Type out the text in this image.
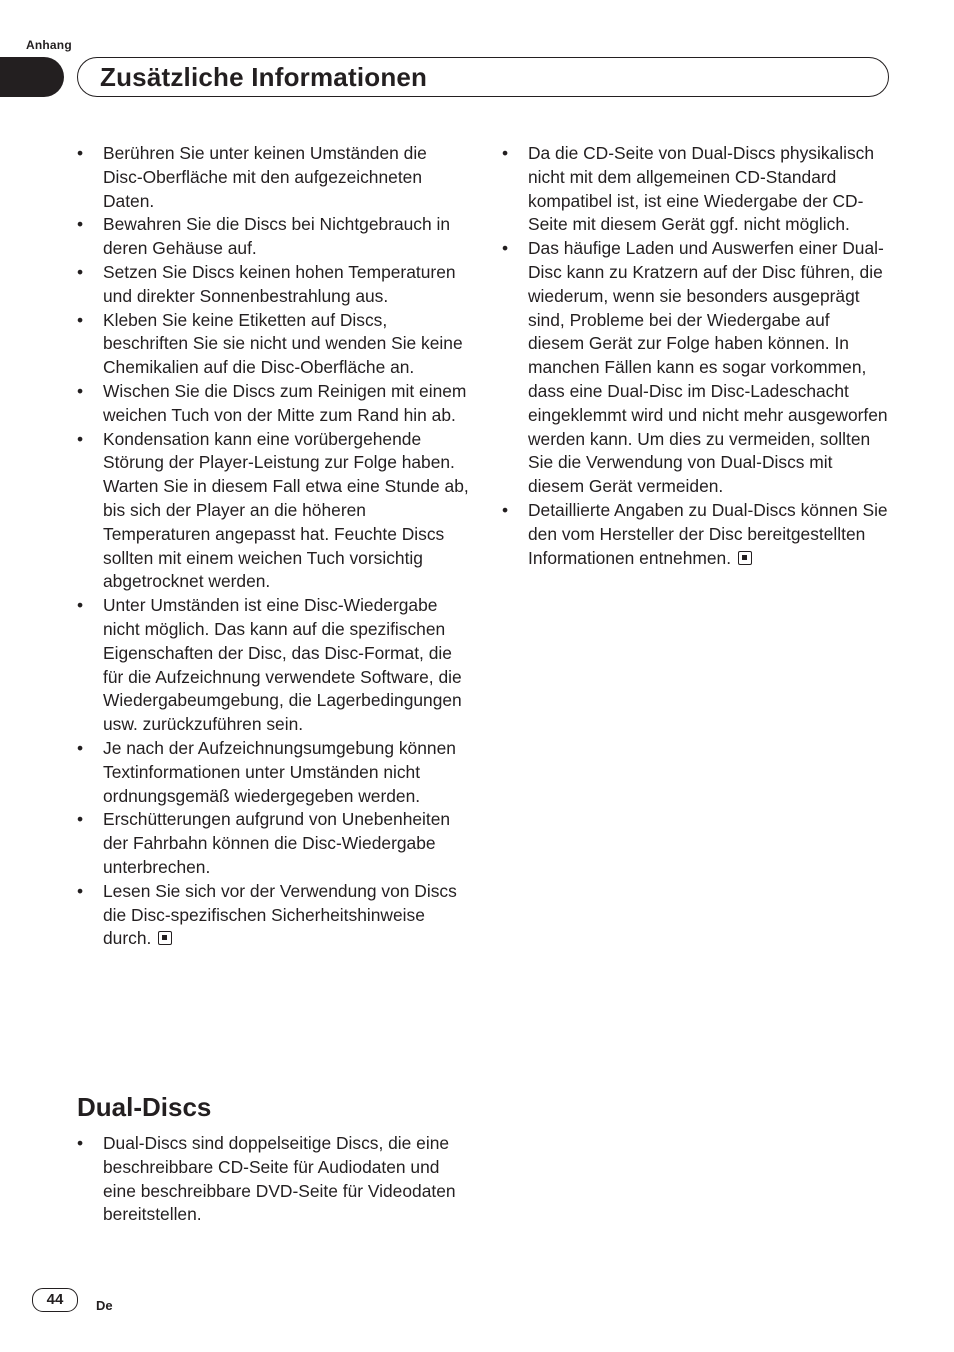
Anhang
Zusätzliche Informationen
• Berühren Sie unter keinen Umständen die Disc-Oberfläche mit den aufgezeichneten Daten.
• Bewahren Sie die Discs bei Nichtgebrauch in deren Gehäuse auf.
• Setzen Sie Discs keinen hohen Temperaturen und direkter Sonnenbestrahlung aus.
• Kleben Sie keine Etiketten auf Discs, beschriften Sie sie nicht und wenden Sie keine Chemikalien auf die Disc-Oberfläche an.
• Wischen Sie die Discs zum Reinigen mit einem weichen Tuch von der Mitte zum Rand hin ab.
• Kondensation kann eine vorübergehende Störung der Player-Leistung zur Folge haben. Warten Sie in diesem Fall etwa eine Stunde ab, bis sich der Player an die höheren Temperaturen angepasst hat. Feuchte Discs sollten mit einem weichen Tuch vorsichtig abgetrocknet werden.
• Unter Umständen ist eine Disc-Wiedergabe nicht möglich. Das kann auf die spezifischen Eigenschaften der Disc, das Disc-Format, die für die Aufzeichnung verwendete Software, die Wiedergabeumgebung, die Lagerbedingungen usw. zurückzuführen sein.
• Je nach der Aufzeichnungsumgebung können Textinformationen unter Umständen nicht ordnungsgemäß wiedergegeben werden.
• Erschütterungen aufgrund von Unebenheiten der Fahrbahn können die Disc-Wiedergabe unterbrechen.
• Lesen Sie sich vor der Verwendung von Discs die Disc-spezifischen Sicherheitshinweise durch.
Dual-Discs
• Dual-Discs sind doppelseitige Discs, die eine beschreibbare CD-Seite für Audiodaten und eine beschreibbare DVD-Seite für Videodaten bereitstellen.
• Da die CD-Seite von Dual-Discs physikalisch nicht mit dem allgemeinen CD-Standard kompatibel ist, ist eine Wiedergabe der CD-Seite mit diesem Gerät ggf. nicht möglich.
• Das häufige Laden und Auswerfen einer Dual-Disc kann zu Kratzern auf der Disc führen, die wiederum, wenn sie besonders ausgeprägt sind, Probleme bei der Wiedergabe auf diesem Gerät zur Folge haben können. In manchen Fällen kann es sogar vorkommen, dass eine Dual-Disc im Disc-Ladeschacht eingeklemmt wird und nicht mehr ausgeworfen werden kann. Um dies zu vermeiden, sollten Sie die Verwendung von Dual-Discs mit diesem Gerät vermeiden.
• Detaillierte Angaben zu Dual-Discs können Sie den vom Hersteller der Disc bereitgestellten Informationen entnehmen.
44	De
